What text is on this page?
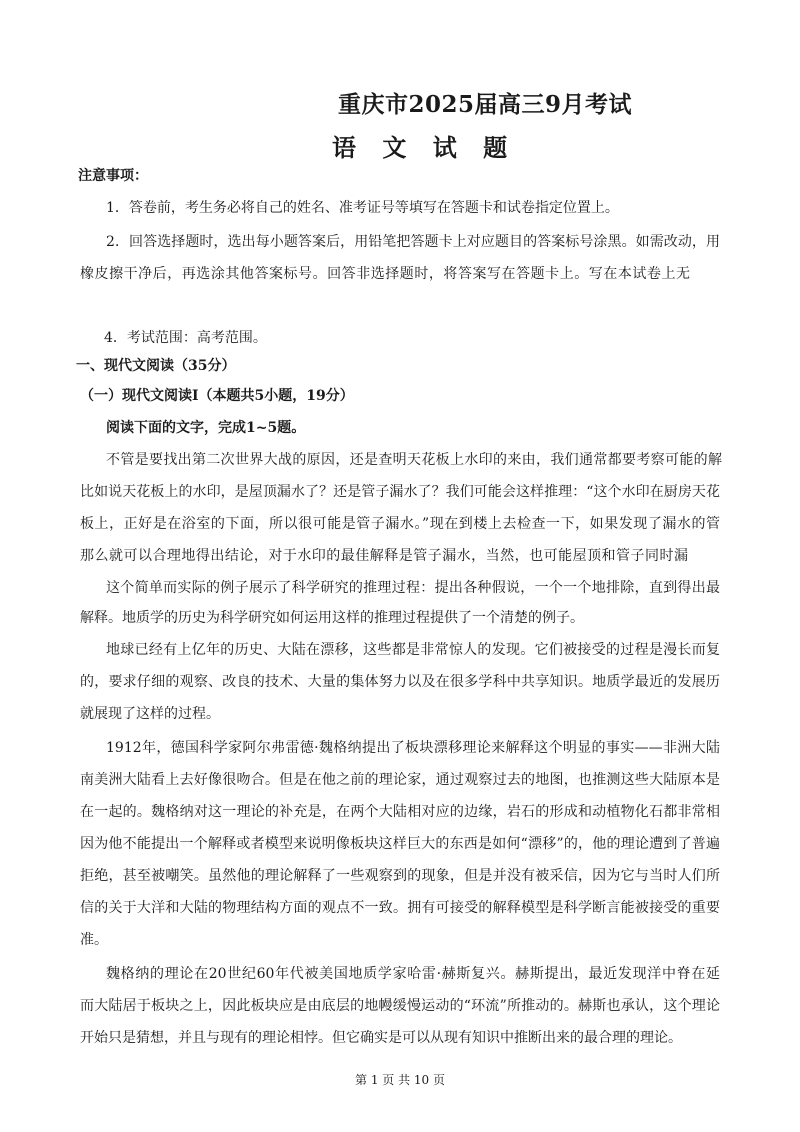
重庆市2025届高三9月考试
语 文 试 题
注意事项：
1．答卷前，考生务必将自己的姓名、准考证号等填写在答题卡和试卷指定位置上。
2．回答选择题时，选出每小题答案后，用铅笔把答题卡上对应题目的答案标号涂黑。如需改动，用
橡皮擦干净后，再选涂其他答案标号。回答非选择题时，将答案写在答题卡上。写在本试卷上无
4．考试范围：高考范围。
一、现代文阅读（35分）
（一）现代文阅读Ⅰ（本题共5小题，19分）
阅读下面的文字，完成1~5题。
不管是要找出第二次世界大战的原因，还是查明天花板上水印的来由，我们通常都要考察可能的解
比如说天花板上的水印，是屋顶漏水了？还是管子漏水了？我们可能会这样推理：“这个水印在厨房天花
板上，正好是在浴室的下面，所以很可能是管子漏水。”现在到楼上去检查一下，如果发现了漏水的管
那么就可以合理地得出结论，对于水印的最佳解释是管子漏水，当然，也可能屋顶和管子同时漏
这个简单而实际的例子展示了科学研究的推理过程：提出各种假说，一个一个地排除，直到得出最
解释。地质学的历史为科学研究如何运用这样的推理过程提供了一个清楚的例子。
地球已经有上亿年的历史、大陆在漂移，这些都是非常惊人的发现。它们被接受的过程是漫长而复
的，要求仔细的观察、改良的技术、大量的集体努力以及在很多学科中共享知识。地质学最近的发展历
就展现了这样的过程。
1912年，德国科学家阿尔弗雷德·魏格纳提出了板块漂移理论来解释这个明显的事实——非洲大陆
南美洲大陆看上去好像很吻合。但是在他之前的理论家，通过观察过去的地图，也推测这些大陆原本是
在一起的。魏格纳对这一理论的补充是，在两个大陆相对应的边缘，岩石的形成和动植物化石都非常相
因为他不能提出一个解释或者模型来说明像板块这样巨大的东西是如何“漂移”的，他的理论遭到了普遍
拒绝，甚至被嘲笑。虽然他的理论解释了一些观察到的现象，但是并没有被采信，因为它与当时人们所
信的关于大洋和大陆的物理结构方面的观点不一致。拥有可接受的解释模型是科学断言能被接受的重要
准。
魏格纳的理论在20世纪60年代被美国地质学家哈雷·赫斯复兴。赫斯提出，最近发现洋中脊在延
而大陆居于板块之上，因此板块应是由底层的地幔缓慢运动的“环流”所推动的。赫斯也承认，这个理论
开始只是猜想，并且与现有的理论相悖。但它确实是可以从现有知识中推断出来的最合理的理论。
第 1 页 共 10 页
